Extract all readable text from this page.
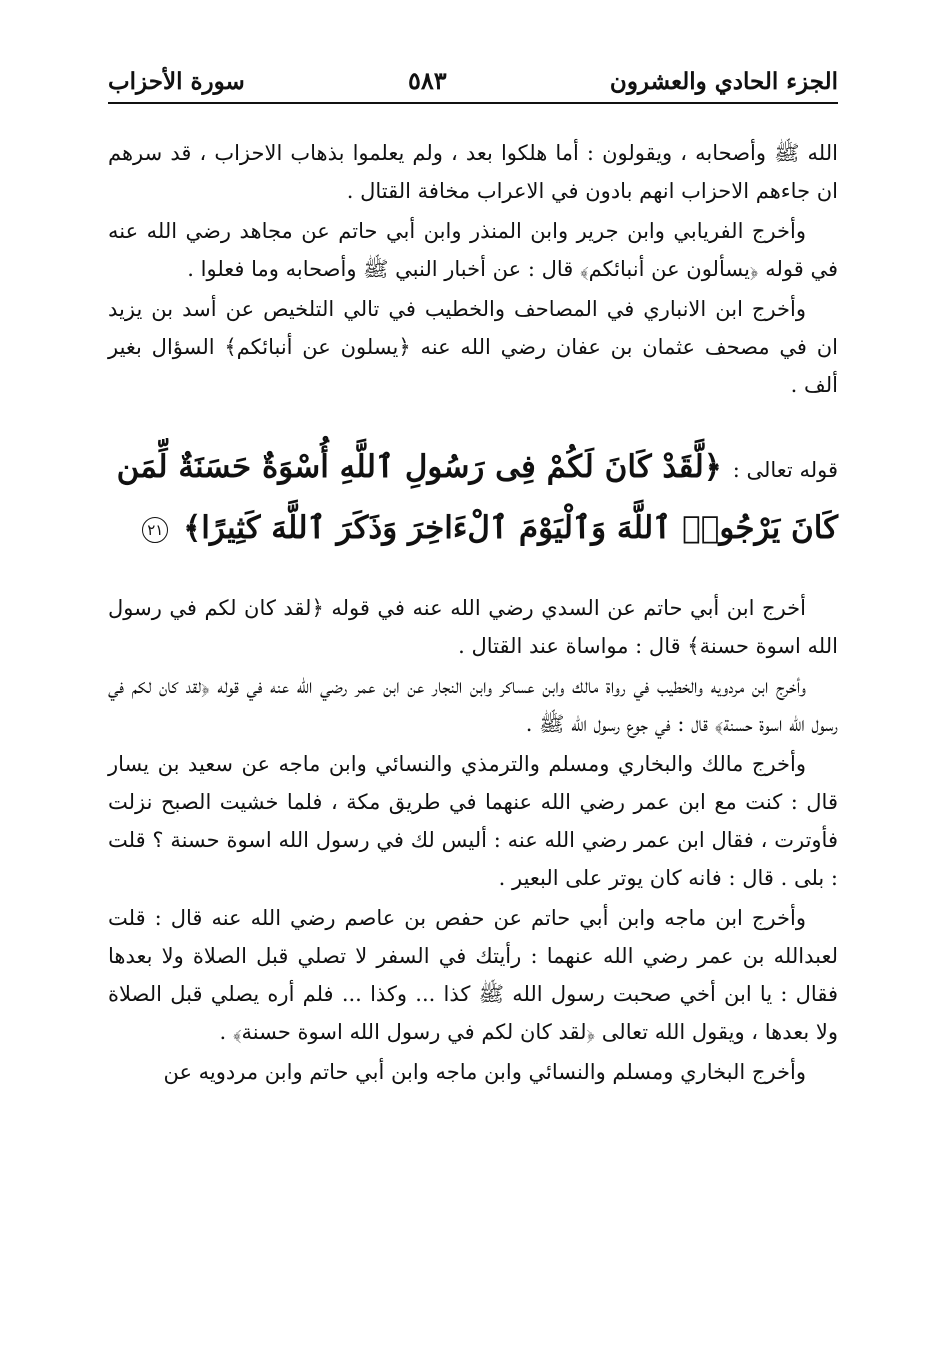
الجزء الحادي والعشرون
٥٨٣
سورة الأحزاب

الله ﷺ وأصحابه ، ويقولون : أما هلكوا بعد ، ولم يعلموا بذهاب الاحزاب ، قد سرهم ان جاءهم الاحزاب انهم بادون في الاعراب مخافة القتال .

وأخرج الفريابي وابن جرير وابن المنذر وابن أبي حاتم عن مجاهد رضي الله عنه في قوله ﴿يسألون عن أنبائكم﴾ قال : عن أخبار النبي ﷺ وأصحابه وما فعلوا .

وأخرج ابن الانباري في المصاحف والخطيب في تالي التلخيص عن أسد بن يزيد ان في مصحف عثمان بن عفان رضي الله عنه ﴿يسلون عن أنبائكم﴾ السؤال بغير ألف .

قوله تعالى : ﴿لَّقَدْ كَانَ لَكُمْ فِى رَسُولِ ٱللَّهِ أُسْوَةٌ حَسَنَةٌ لِّمَن كَانَ يَرْجُوا۟ ٱللَّهَ وَٱلْيَوْمَ ٱلْءَاخِرَ وَذَكَرَ ٱللَّهَ كَثِيرًا﴾ ٢١

أخرج ابن أبي حاتم عن السدي رضي الله عنه في قوله ﴿لقد كان لكم في رسول الله اسوة حسنة﴾ قال : مواساة عند القتال .

وأخرج ابن مردويه والخطيب في رواة مالك وابن عساكر وابن النجار عن ابن عمر رضي الله عنه في قوله ﴿لقد كان لكم في رسول الله اسوة حسنة﴾ قال : في جوع رسول الله ﷺ .

وأخرج مالك والبخاري ومسلم والترمذي والنسائي وابن ماجه عن سعيد بن يسار قال : كنت مع ابن عمر رضي الله عنهما في طريق مكة ، فلما خشيت الصبح نزلت فأوترت ، فقال ابن عمر رضي الله عنه : أليس لك في رسول الله اسوة حسنة ؟ قلت : بلى . قال : فانه كان يوتر على البعير .

وأخرج ابن ماجه وابن أبي حاتم عن حفص بن عاصم رضي الله عنه قال : قلت لعبدالله بن عمر رضي الله عنهما : رأيتك في السفر لا تصلي قبل الصلاة ولا بعدها فقال : يا ابن أخي صحبت رسول الله ﷺ كذا ... وكذا ... فلم أره يصلي قبل الصلاة ولا بعدها ، ويقول الله تعالى ﴿لقد كان لكم في رسول الله اسوة حسنة﴾ .

وأخرج البخاري ومسلم والنسائي وابن ماجه وابن أبي حاتم وابن مردويه عن
